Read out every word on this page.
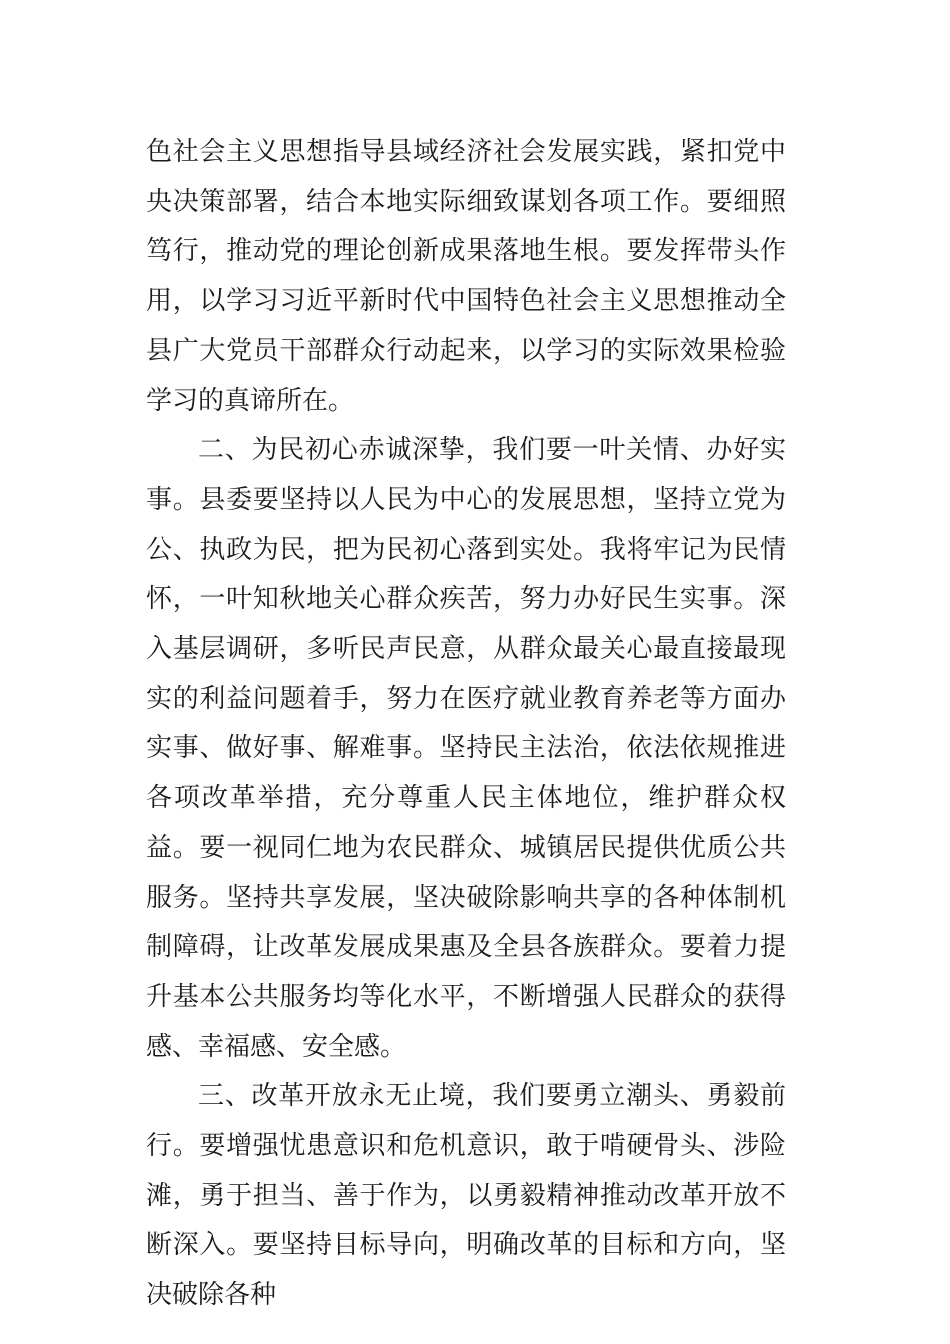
色社会主义思想指导县域经济社会发展实践，紧扣党中央决策部署，结合本地实际细致谋划各项工作。要细照笃行，推动党的理论创新成果落地生根。要发挥带头作用，以学习习近平新时代中国特色社会主义思想推动全县广大党员干部群众行动起来，以学习的实际效果检验学习的真谛所在。

二、为民初心赤诚深挚，我们要一叶关情、办好实事。县委要坚持以人民为中心的发展思想，坚持立党为公、执政为民，把为民初心落到实处。我将牢记为民情怀，一叶知秋地关心群众疾苦，努力办好民生实事。深入基层调研，多听民声民意，从群众最关心最直接最现实的利益问题着手，努力在医疗就业教育养老等方面办实事、做好事、解难事。坚持民主法治，依法依规推进各项改革举措，充分尊重人民主体地位，维护群众权益。要一视同仁地为农民群众、城镇居民提供优质公共服务。坚持共享发展，坚决破除影响共享的各种体制机制障碍，让改革发展成果惠及全县各族群众。要着力提升基本公共服务均等化水平，不断增强人民群众的获得感、幸福感、安全感。

三、改革开放永无止境，我们要勇立潮头、勇毅前行。要增强忧患意识和危机意识，敢于啃硬骨头、涉险滩，勇于担当、善于作为，以勇毅精神推动改革开放不断深入。要坚持目标导向，明确改革的目标和方向，坚决破除各种
